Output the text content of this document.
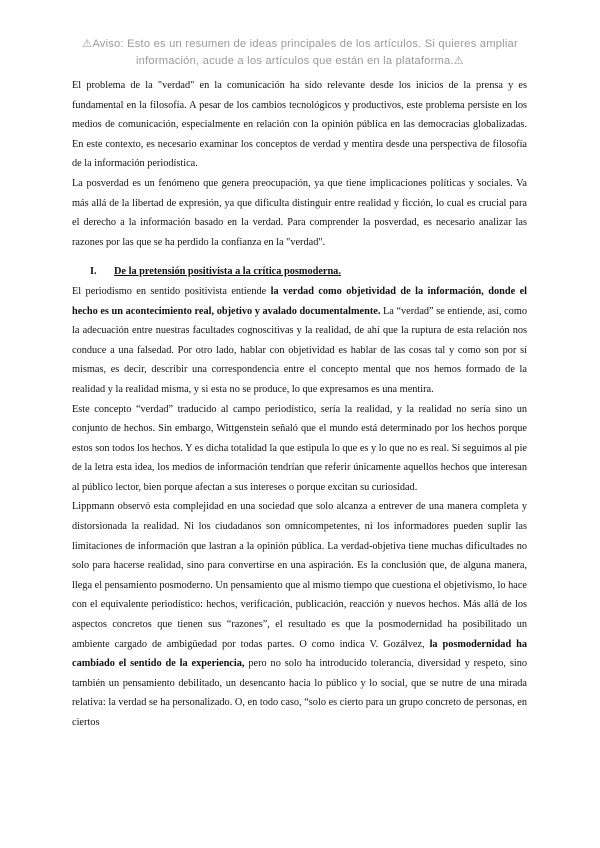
⚠Aviso: Esto es un resumen de ideas principales de los artículos. Si quieres ampliar
información, acude a los artículos que están en la plataforma.⚠

El problema de la "verdad" en la comunicación ha sido relevante desde los inicios de la prensa y es fundamental en la filosofía. A pesar de los cambios tecnológicos y productivos, este problema persiste en los medios de comunicación, especialmente en relación con la opinión pública en las democracias globalizadas. En este contexto, es necesario examinar los conceptos de verdad y mentira desde una perspectiva de filosofía de la información periodística.

La posverdad es un fenómeno que genera preocupación, ya que tiene implicaciones políticas y sociales. Va más allá de la libertad de expresión, ya que dificulta distinguir entre realidad y ficción, lo cual es crucial para el derecho a la información basado en la verdad. Para comprender la posverdad, es necesario analizar las razones por las que se ha perdido la confianza en la "verdad".

I.	De la pretensión positivista a la crítica posmoderna.

El periodismo en sentido positivista entiende la verdad como objetividad de la información, donde el hecho es un acontecimiento real, objetivo y avalado documentalmente. La “verdad” se entiende, así, como la adecuación entre nuestras facultades cognoscitivas y la realidad, de ahí que la ruptura de esta relación nos conduce a una falsedad. Por otro lado, hablar con objetividad es hablar de las cosas tal y como son por sí mismas, es decir, describir una correspondencia entre el concepto mental que nos hemos formado de la realidad y la realidad misma, y si esta no se produce, lo que expresamos es una mentira.

Este concepto “verdad” traducido al campo periodístico, sería la realidad, y la realidad no sería sino un conjunto de hechos. Sin embargo, Wittgenstein señaló que el mundo está determinado por los hechos porque estos son todos los hechos. Y es dicha totalidad la que estipula lo que es y lo que no es real. Si seguimos al pie de la letra esta idea, los medios de información tendrían que referir únicamente aquellos hechos que interesan al público lector, bien porque afectan a sus intereses o porque excitan su curiosidad.

Lippmann observó esta complejidad en una sociedad que solo alcanza a entrever de una manera completa y distorsionada la realidad. Ni los ciudadanos son omnicompetentes, ni los informadores pueden suplir las limitaciones de información que lastran a la opinión pública. La verdad-objetiva tiene muchas dificultades no solo para hacerse realidad, sino para convertirse en una aspiración. Es la conclusión que, de alguna manera, llega el pensamiento posmoderno. Un pensamiento que al mismo tiempo que cuestiona el objetivismo, lo hace con el equivalente periodístico: hechos, verificación, publicación, reacción y nuevos hechos. Más allá de los aspectos concretos que tienen sus “razones”, el resultado es que la posmodernidad ha posibilitado un ambiente cargado de ambigüedad por todas partes. O como indica V. Gozálvez, la posmodernidad ha cambiado el sentido de la experiencia, pero no solo ha introducido tolerancia, diversidad y respeto, sino también un pensamiento debilitado, un desencanto hacia lo público y lo social, que se nutre de una mirada relativa: la verdad se ha personalizado. O, en todo caso, “solo es cierto para un grupo concreto de personas, en ciertos
